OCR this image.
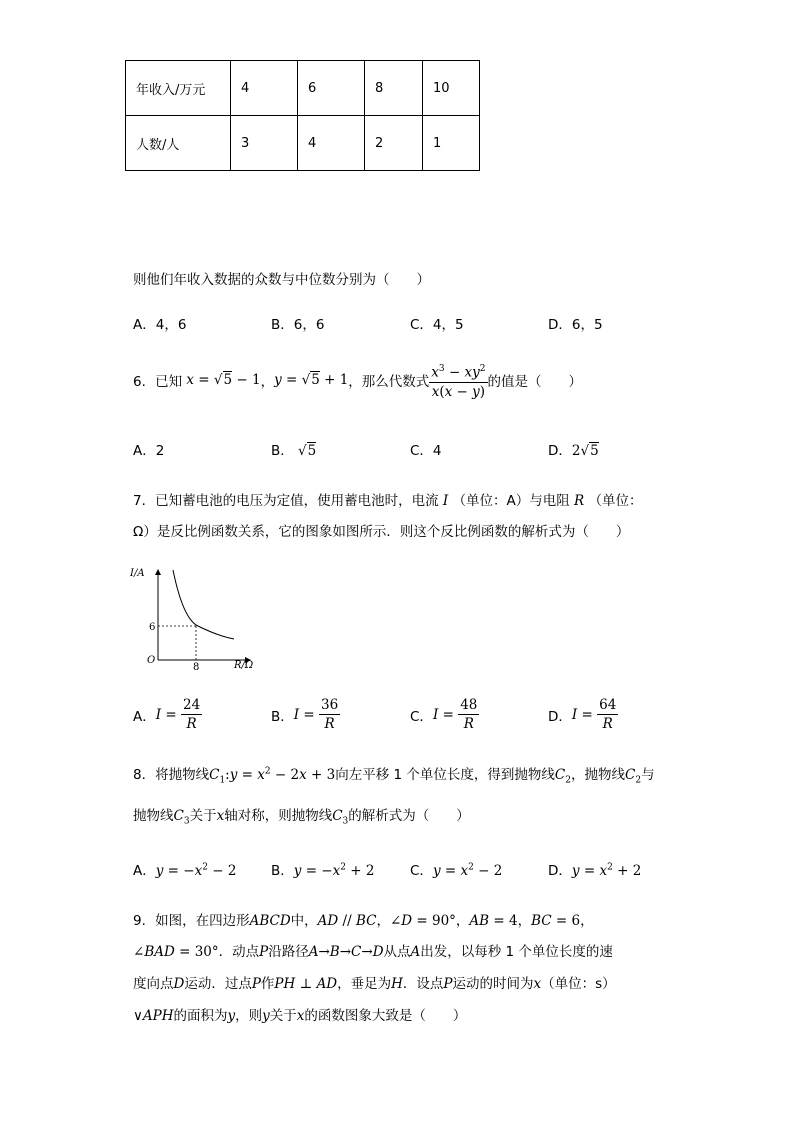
年收入/万元	4	6	8	10
人数/人	3	4	2	1
则他们年收入数据的众数与中位数分别为（　　）
A．4，6	B．6，6	C．4，5	D．6，5
6．已知 x = √5 − 1 ， y = √5 + 1 ，那么代数式 $\frac{x^3 - xy^2}{x(x - y)}$ 的值是（　　）
A．2	B． √5	C．4	D．2√5
7．已知蓄电池的电压为定值，使用蓄电池时，电流 I （单位：A）与电阻 R （单位：
Ω）是反比例函数关系，它的图象如图所示．则这个反比例函数的解析式为（　　）
I/A
R/Ω
O
6
8
A． $I = \frac{24}{R}$	B． $I = \frac{36}{R}$	C． $I = \frac{48}{R}$	D． $I = \frac{64}{R}$
8．将抛物线$C_1:y = x^2 - 2x + 3$向左平移 1 个单位长度，得到抛物线$C_2$，抛物线$C_2$与
抛物线$C_3$关于x轴对称，则抛物线$C_3$的解析式为（　　）
A．$y = -x^2 - 2$	B．$y = -x^2 + 2$	C．$y = x^2 - 2$	D．$y = x^2 + 2$
9．如图，在四边形ABCD中，AD // BC，∠D = 90°，AB = 4，BC = 6，
∠BAD = 30°．动点P沿路径A→B→C→D从点A出发，以每秒 1 个单位长度的速
度向点D运动．过点P作PH ⊥ AD，垂足为H．设点P运动的时间为x（单位：s）
∨APH的面积为y，则y关于x的函数图象大致是（　　）
